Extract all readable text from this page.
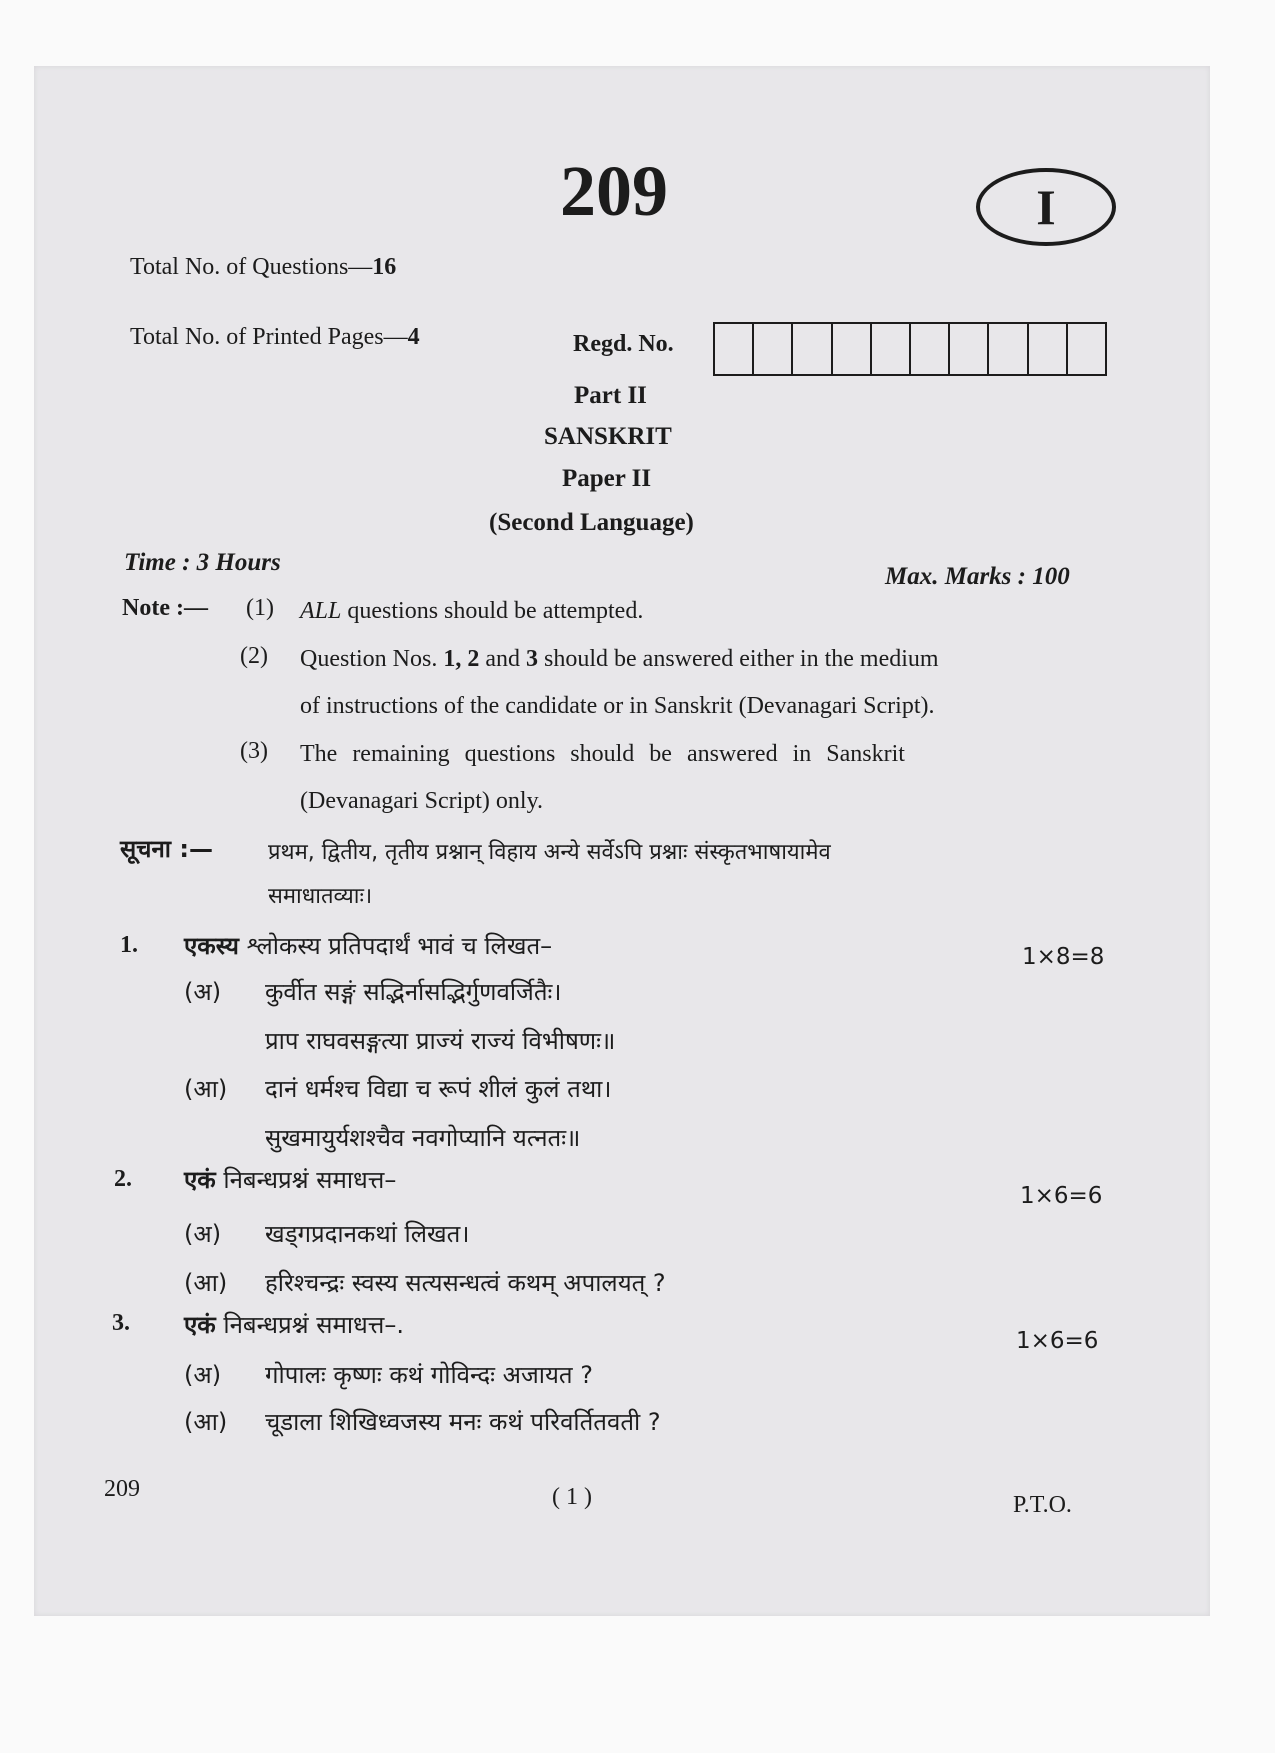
209	I
Total No. of Questions—16
Total No. of Printed Pages—4	Regd. No.
Part II
SANSKRIT
Paper II
(Second Language)
Time : 3 Hours
Max. Marks : 100
Note :— (1) ALL questions should be attempted.
(2) Question Nos. 1, 2 and 3 should be answered either in the medium
of instructions of the candidate or in Sanskrit (Devanagari Script).
(3) The remaining questions should be answered in Sanskrit
(Devanagari Script) only.
सूचना :—	प्रथम, द्वितीय, तृतीय प्रश्नान् विहाय अन्ये सर्वेऽपि प्रश्नाः संस्कृतभाषायामेव
समाधातव्याः।
1. एकस्य श्लोकस्य प्रतिपदार्थं भावं च लिखत–	1×8=8
(अ) कुर्वीत सङ्गं सद्भिर्नासद्भिर्गुणवर्जितैः।
प्राप राघवसङ्गत्या प्राज्यं राज्यं विभीषणः॥
(आ) दानं धर्मश्च विद्या च रूपं शीलं कुलं तथा।
सुखमायुर्यशश्चैव नवगोप्यानि यत्नतः॥
2. एकं निबन्धप्रश्नं समाधत्त–
1×6=6
(अ) खड्गप्रदानकथां लिखत।
(आ) हरिश्चन्द्रः स्वस्य सत्यसन्धत्वं कथम् अपालयत् ?
3. एकं निबन्धप्रश्नं समाधत्त–.
1×6=6
(अ) गोपालः कृष्णः कथं गोविन्दः अजायत ?
(आ) चूडाला शिखिध्वजस्य मनः कथं परिवर्तितवती ?
209	( 1 )	P.T.O.
